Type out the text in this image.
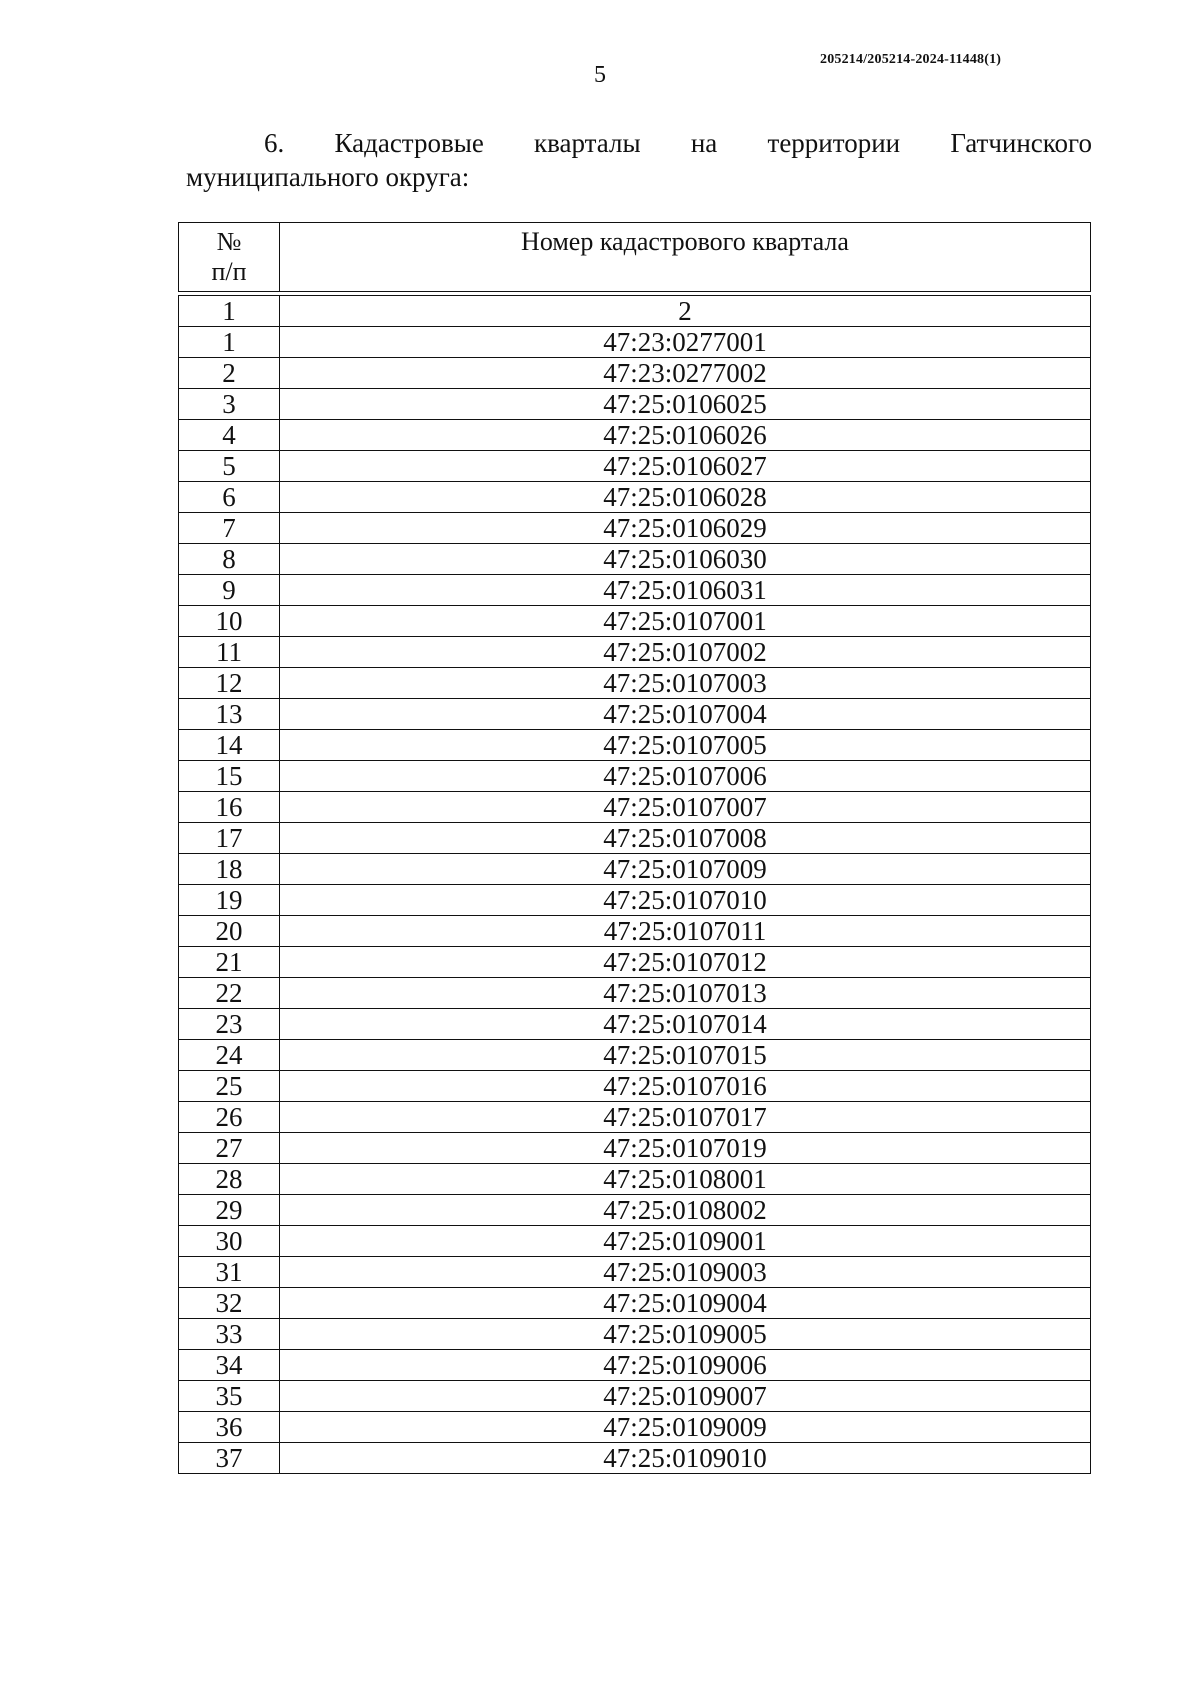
205214/205214-2024-11448(1)
5
6. Кадастровые кварталы на территории Гатчинского
муниципального округа:
№
п/п
	Номер кадастрового квартала
1	2
1	47:23:0277001
2	47:23:0277002
3	47:25:0106025
4	47:25:0106026
5	47:25:0106027
6	47:25:0106028
7	47:25:0106029
8	47:25:0106030
9	47:25:0106031
10	47:25:0107001
11	47:25:0107002
12	47:25:0107003
13	47:25:0107004
14	47:25:0107005
15	47:25:0107006
16	47:25:0107007
17	47:25:0107008
18	47:25:0107009
19	47:25:0107010
20	47:25:0107011
21	47:25:0107012
22	47:25:0107013
23	47:25:0107014
24	47:25:0107015
25	47:25:0107016
26	47:25:0107017
27	47:25:0107019
28	47:25:0108001
29	47:25:0108002
30	47:25:0109001
31	47:25:0109003
32	47:25:0109004
33	47:25:0109005
34	47:25:0109006
35	47:25:0109007
36	47:25:0109009
37	47:25:0109010
